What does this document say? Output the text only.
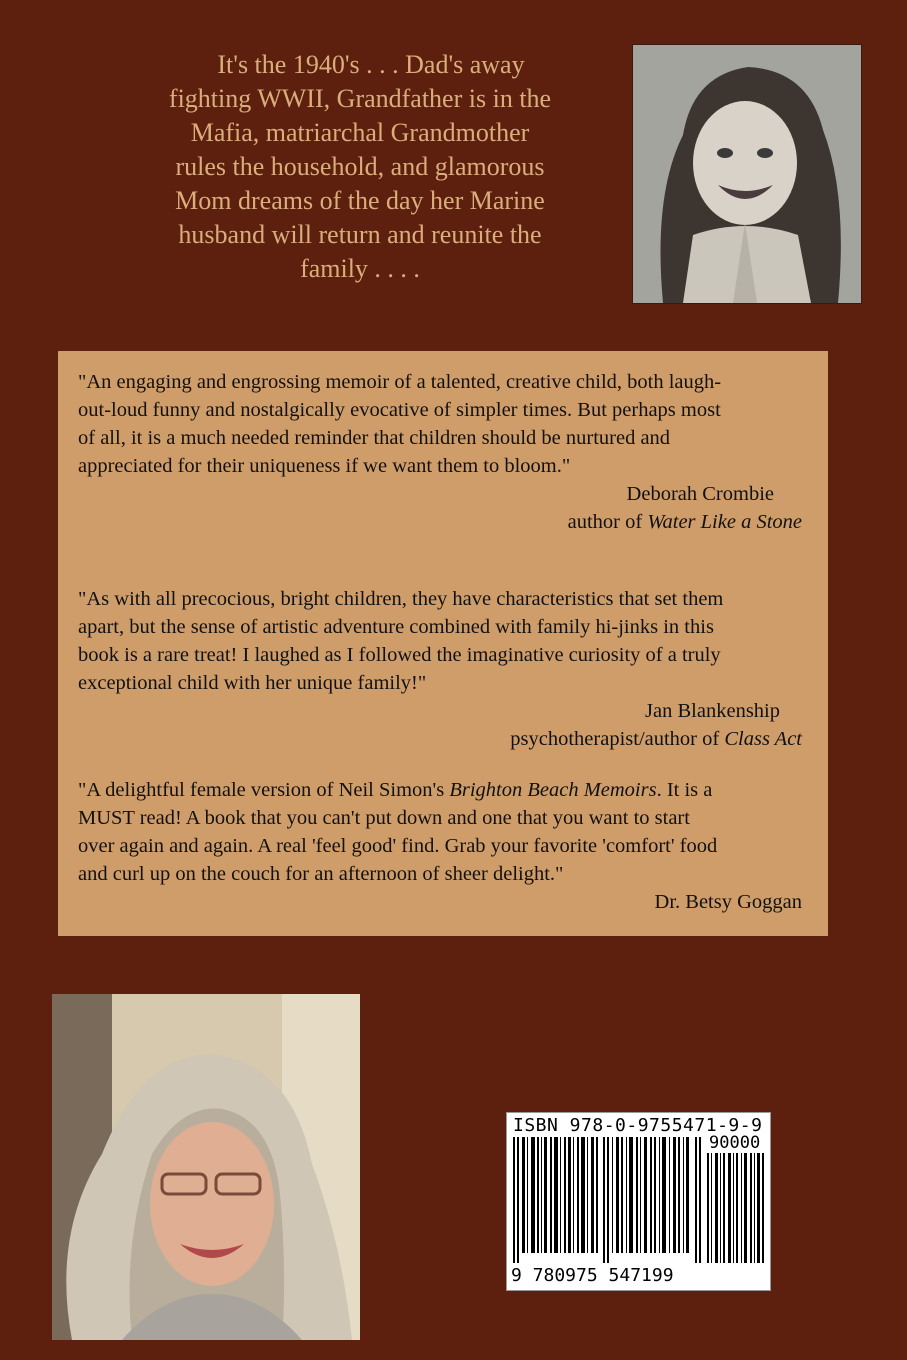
It's the 1940's . . . Dad's away

fighting WWII, Grandfather is in the

Mafia, matriarchal Grandmother

rules the household, and glamorous

Mom dreams of the day her Marine

husband will return and reunite the

family . . . .

"An engaging and engrossing memoir of a talented, creative child, both laugh-

out-loud funny and nostalgically evocative of simpler times. But perhaps most

of all, it is a much needed reminder that children should be nurtured and

appreciated for their uniqueness if we want them to bloom."

Deborah Crombie

author of Water Like a Stone

"As with all precocious, bright children, they have characteristics that set them

apart, but the sense of artistic adventure combined with family hi-jinks in this

book is a rare treat! I laughed as I followed the imaginative curiosity of a truly

exceptional child with her unique family!"

Jan Blankenship

psychotherapist/author of Class Act

"A delightful female version of Neil Simon's Brighton Beach Memoirs. It is a

MUST read! A book that you can't put down and one that you want to start

over again and again. A real 'feel good' find. Grab your favorite 'comfort' food

and curl up on the couch for an afternoon of sheer delight."

Dr. Betsy Goggan

ISBN 978-0-9755471-9-9
90000
9 780975 547199
